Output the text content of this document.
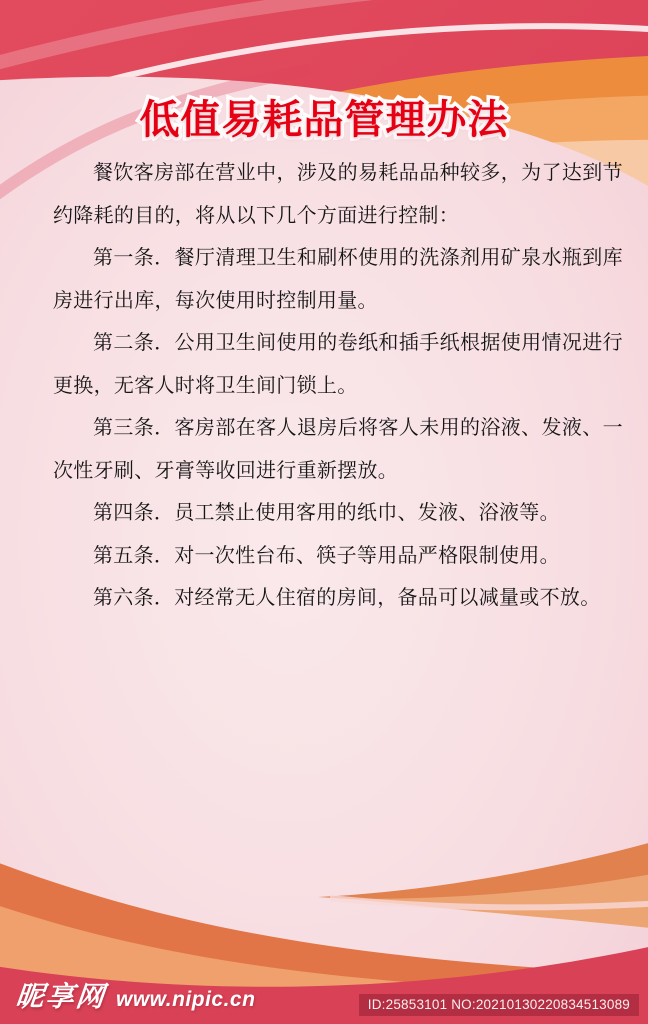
低值易耗品管理办法

餐饮客房部在营业中，涉及的易耗品品种较多，为了达到节约降耗的目的，将从以下几个方面进行控制：

第一条．餐厅清理卫生和刷杯使用的洗涤剂用矿泉水瓶到库房进行出库，每次使用时控制用量。

第二条．公用卫生间使用的卷纸和插手纸根据使用情况进行更换，无客人时将卫生间门锁上。

第三条．客房部在客人退房后将客人未用的浴液、发液、一次性牙刷、牙膏等收回进行重新摆放。

第四条．员工禁止使用客用的纸巾、发液、浴液等。

第五条．对一次性台布、筷子等用品严格限制使用。

第六条．对经常无人住宿的房间，备品可以减量或不放。

昵享网 www.nipic.cn	ID:25853101 NO:20210130220834513089
